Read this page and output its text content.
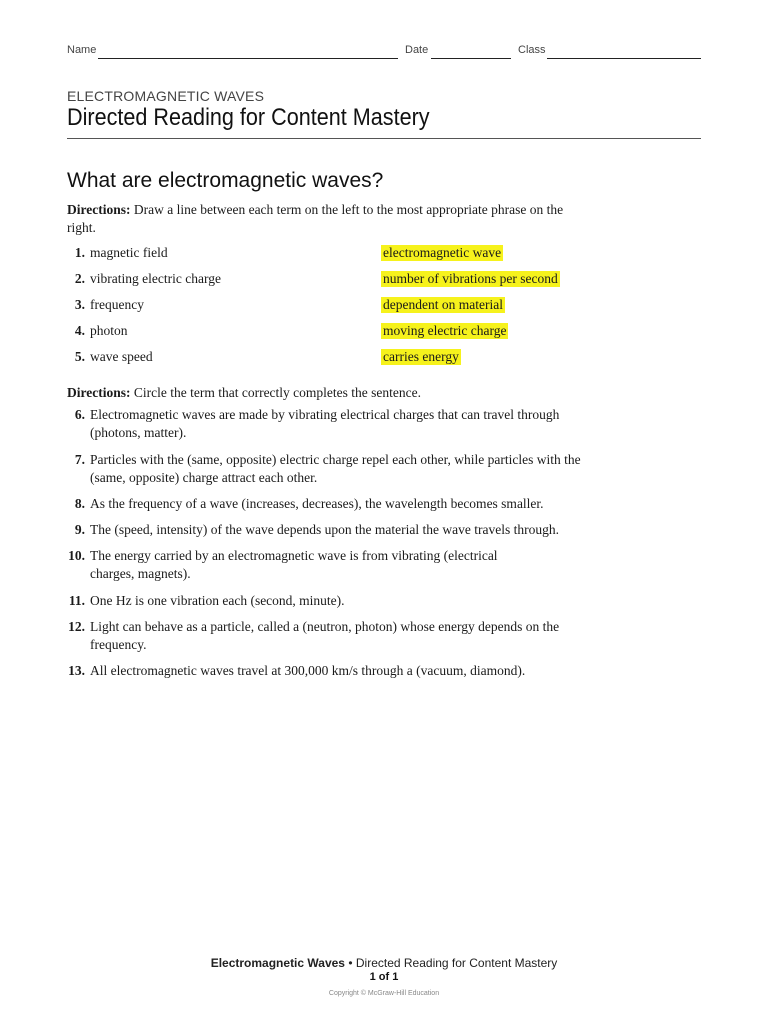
Name	Date	Class
ELECTROMAGNETIC WAVES
Directed Reading for Content Mastery
What are electromagnetic waves?
Directions: Draw a line between each term on the left to the most appropriate phrase on the right.
1. magnetic field	electromagnetic wave
2. vibrating electric charge	number of vibrations per second
3. frequency	dependent on material
4. photon	moving electric charge
5. wave speed	carries energy
Directions: Circle the term that correctly completes the sentence.
6. Electromagnetic waves are made by vibrating electrical charges that can travel through (photons, matter).
7. Particles with the (same, opposite) electric charge repel each other, while particles with the (same, opposite) charge attract each other.
8. As the frequency of a wave (increases, decreases), the wavelength becomes smaller.
9. The (speed, intensity) of the wave depends upon the material the wave travels through.
10. The energy carried by an electromagnetic wave is from vibrating (electrical charges, magnets).
11. One Hz is one vibration each (second, minute).
12. Light can behave as a particle, called a (neutron, photon) whose energy depends on the frequency.
13. All electromagnetic waves travel at 300,000 km/s through a (vacuum, diamond).
Electromagnetic Waves • Directed Reading for Content Mastery
1 of 1
Copyright © McGraw-Hill Education
